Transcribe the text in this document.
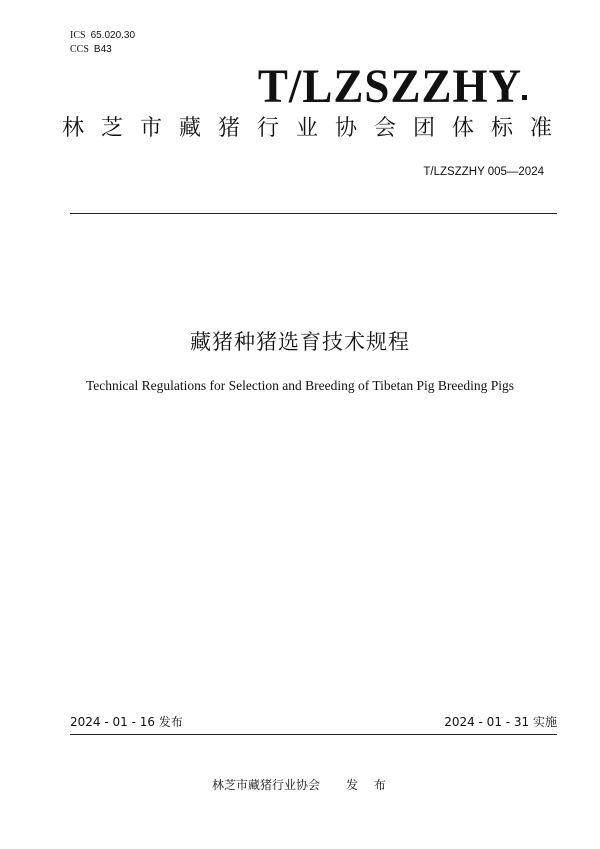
ICS 65.020.30
CCS B43
T/LZSZZHY
林芝市藏猪行业协会团体标准
T/LZSZZHY 005—2024
藏猪种猪选育技术规程
Technical Regulations for Selection and Breeding of Tibetan Pig Breeding Pigs
2024 - 01 - 16 发布	2024 - 01 - 31 实施
林芝市藏猪行业协会 发 布
